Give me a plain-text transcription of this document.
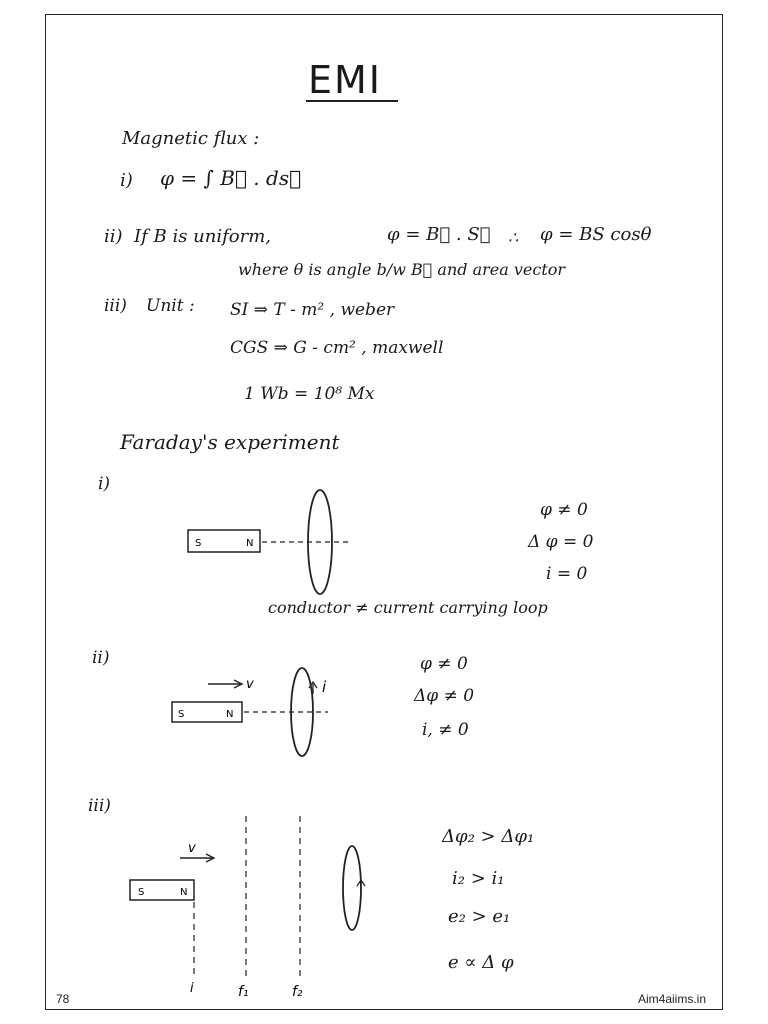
EMI
Magnetic flux :
i) φ = ∫ B⃗ . ds⃗
ii) If B is uniform,	φ = B⃗ . S⃗ ∴ φ = BS cosθ
where θ is angle b/w B⃗ and area vector
iii) Unit : SI ⇒ T - m² , weber
CGS ⇒ G - cm² , maxwell
1 Wb = 10⁸ Mx
Faraday's experiment
i)
S	N
φ ≠ 0
Δ φ = 0
i = 0
conductor ≠ current carrying loop
ii)
v
S	N
i
φ ≠ 0
Δφ ≠ 0
i, ≠ 0
iii)
v
S	N
i	f₁	f₂
Δφ₂ > Δφ₁
i₂ > i₁
e₂ > e₁
e ∝ Δ φ
78	Aim4aiims.in
